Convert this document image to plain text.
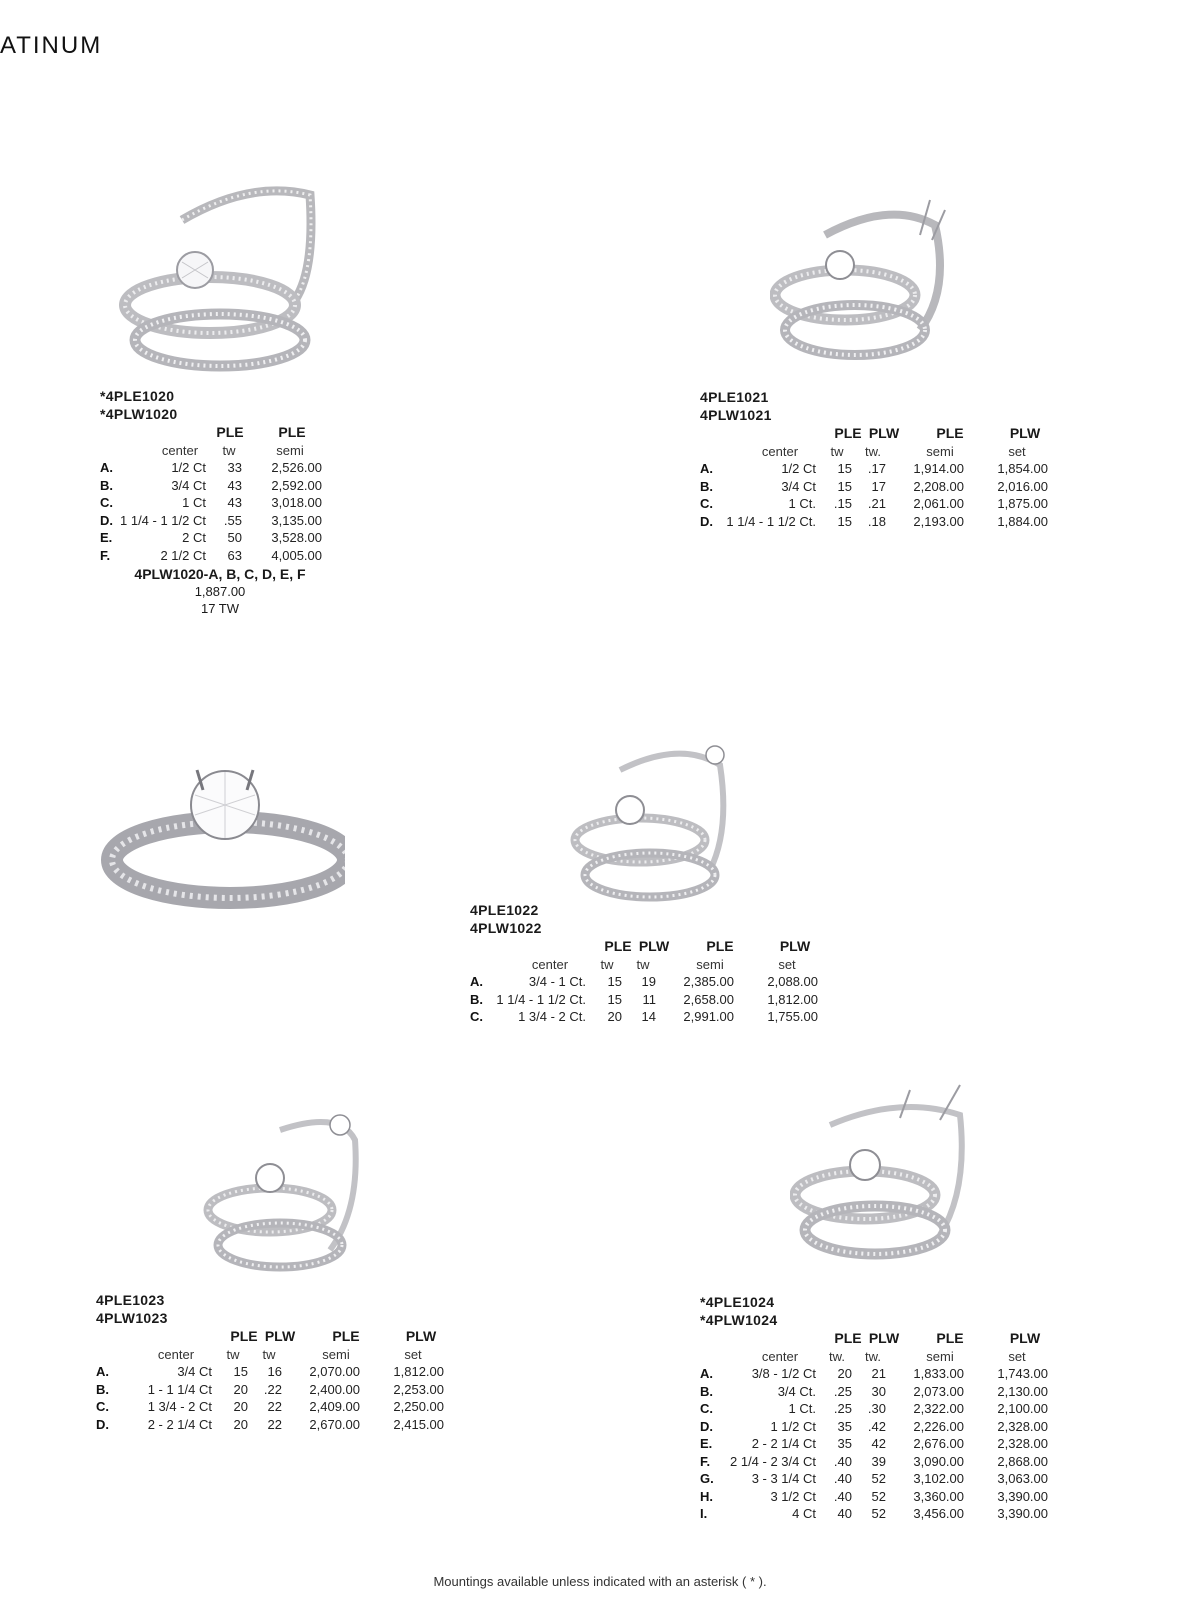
ATINUM
*4PLE1020
*4PLW1020
PLE	PLE
center	tw	semi
A.	1/2 Ct	33	2,526.00
B.	3/4 Ct	43	2,592.00
C.	1 Ct	43	3,018.00
D. 1 1/4 - 1 1/2 Ct	.55	3,135.00
E.	2 Ct	50	3,528.00
F.	2 1/2 Ct	63	4,005.00
4PLW1020-A, B, C, D, E, F
1,887.00
17 TW
4PLE1021
4PLW1021
PLE PLW	PLE	PLW
center	tw	tw.	semi	set
A.	1/2 Ct	15	.17	1,914.00	1,854.00
B.	3/4 Ct	15	17	2,208.00	2,016.00
C.	1 Ct.	.15	.21	2,061.00	1,875.00
D.	1 1/4 - 1 1/2 Ct.	15	.18	2,193.00	1,884.00
4PLE1022
4PLW1022
PLE PLW	PLE	PLW
center	tw	tw	semi	set
A.	3/4 - 1 Ct.	15	19	2,385.00	2,088.00
B.	1 1/4 - 1 1/2 Ct.	15	11	2,658.00	1,812.00
C.	1 3/4 - 2 Ct.	20	14	2,991.00	1,755.00
4PLE1023
4PLW1023
PLE PLW	PLE	PLW
center	tw	tw	semi	set
A.	3/4 Ct	15	16	2,070.00	1,812.00
B.	1 - 1 1/4 Ct	20	.22	2,400.00	2,253.00
C.	1 3/4 - 2 Ct	20	22	2,409.00	2,250.00
D.	2 - 2 1/4 Ct	20	22	2,670.00	2,415.00
*4PLE1024
*4PLW1024
PLE PLW	PLE	PLW
center	tw.	tw.	semi	set
A.	3/8 - 1/2 Ct	20	21	1,833.00	1,743.00
B.	3/4 Ct.	.25	30	2,073.00	2,130.00
C.	1 Ct.	.25	.30	2,322.00	2,100.00
D.	1 1/2 Ct	35	.42	2,226.00	2,328.00
E.	2 - 2 1/4 Ct	35	42	2,676.00	2,328.00
F.	2 1/4 - 2 3/4 Ct	.40	39	3,090.00	2,868.00
G.	3 - 3 1/4 Ct	.40	52	3,102.00	3,063.00
H.	3 1/2 Ct	.40	52	3,360.00	3,390.00
I.	4 Ct	40	52	3,456.00	3,390.00
Mountings available unless indicated with an asterisk ( * ).
